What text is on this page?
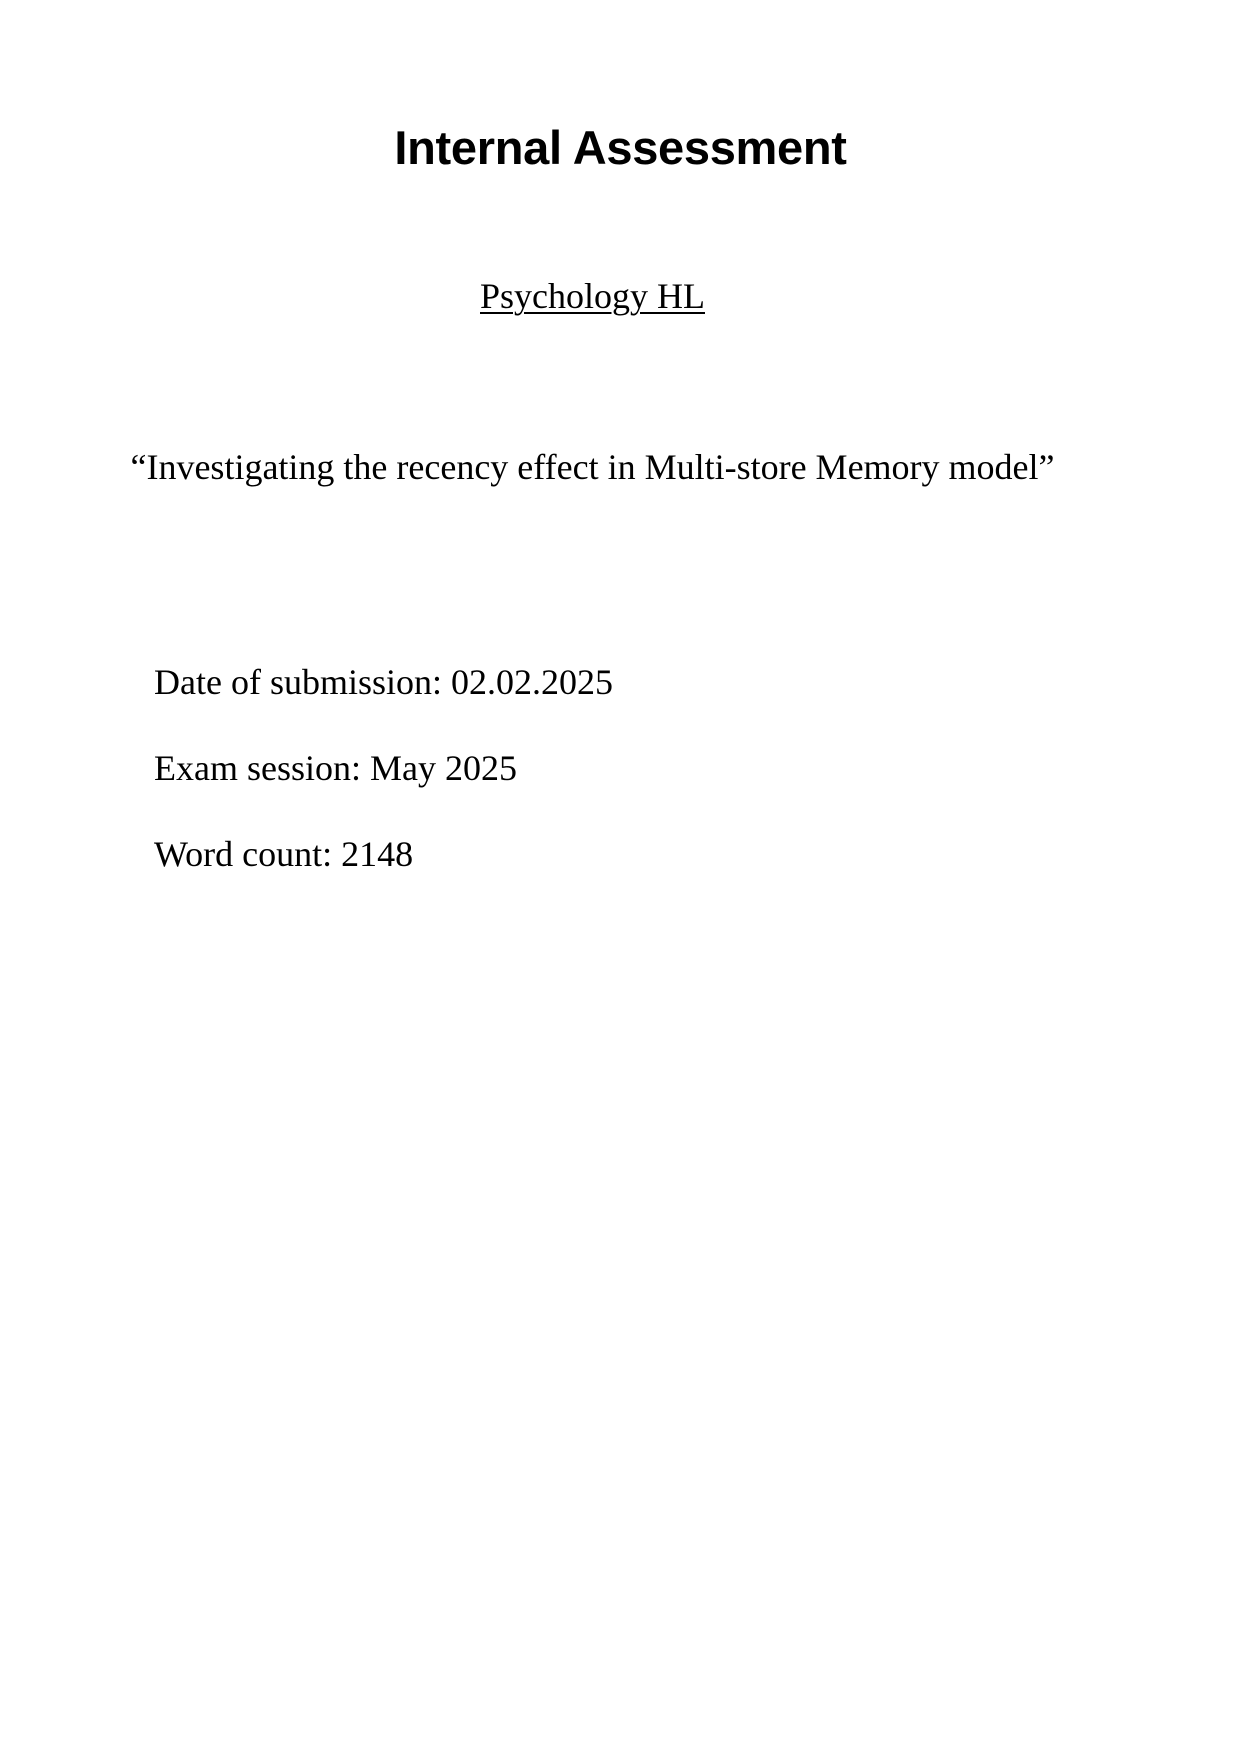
Internal Assessment
Psychology HL
“Investigating the recency effect in Multi-store Memory model”
Date of submission: 02.02.2025
Exam session: May 2025
Word count: 2148
